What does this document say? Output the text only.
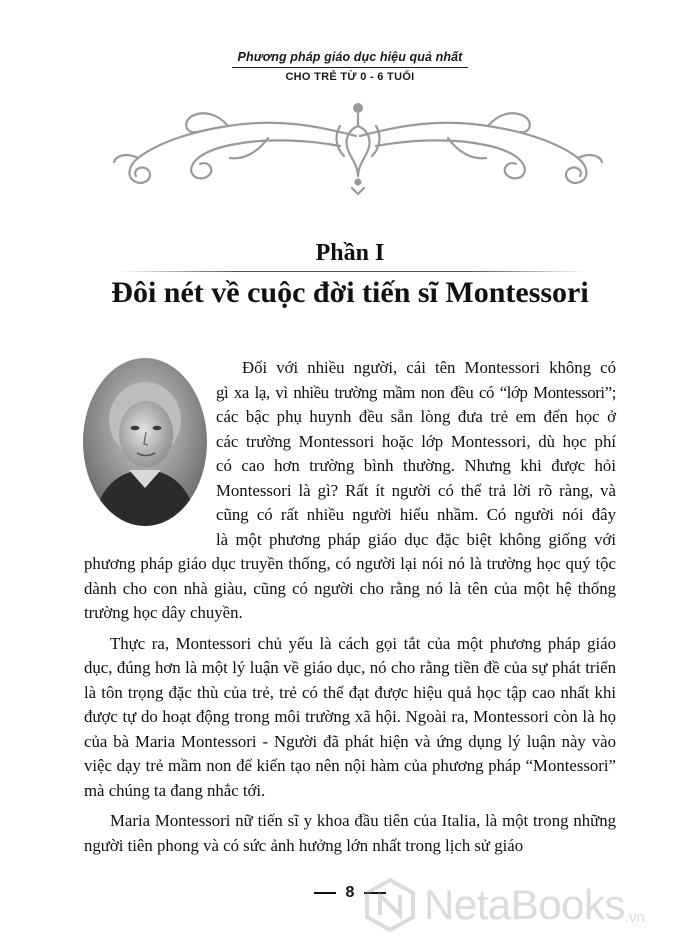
Phương pháp giáo dục hiệu quả nhất
CHO TRẺ TỪ 0 - 6 TUỔI
Phần I
Đôi nét về cuộc đời tiến sĩ Montessori
Đối với nhiều người, cái tên Montessori không có
gì xa lạ, vì nhiều trường mầm non đều có “lớp Montessori”;
các bậc phụ huynh đều sẵn lòng đưa trẻ em đến học ở
các trường Montessori hoặc lớp Montessori, dù học phí
có cao hơn trường bình thường. Nhưng khi được hỏi
Montessori là gì? Rất ít người có thể trả lời rõ ràng, và
cũng có rất nhiều người hiểu nhầm. Có người nói đây
là một phương pháp giáo dục đặc biệt không giống với

phương pháp giáo dục truyền thống, có người lại nói nó là trường học quý tộc dành cho con nhà giàu, cũng có người cho rằng nó là tên của một hệ thống trường học dây chuyền.

Thực ra, Montessori chủ yếu là cách gọi tắt của một phương pháp giáo dục, đúng hơn là một lý luận về giáo dục, nó cho rằng tiền đề của sự phát triển là tôn trọng đặc thù của trẻ, trẻ có thể đạt được hiệu quả học tập cao nhất khi được tự do hoạt động trong môi trường xã hội. Ngoài ra, Montessori còn là họ của bà Maria Montessori - Người đã phát hiện và ứng dụng lý luận này vào việc dạy trẻ mầm non để kiến tạo nên nội hàm của phương pháp “Montessori” mà chúng ta đang nhắc tới.

Maria Montessori nữ tiến sĩ y khoa đầu tiên của Italia, là một trong những người tiên phong và có sức ảnh hưởng lớn nhất trong lịch sử giáo

8	NetaBooks .vn
